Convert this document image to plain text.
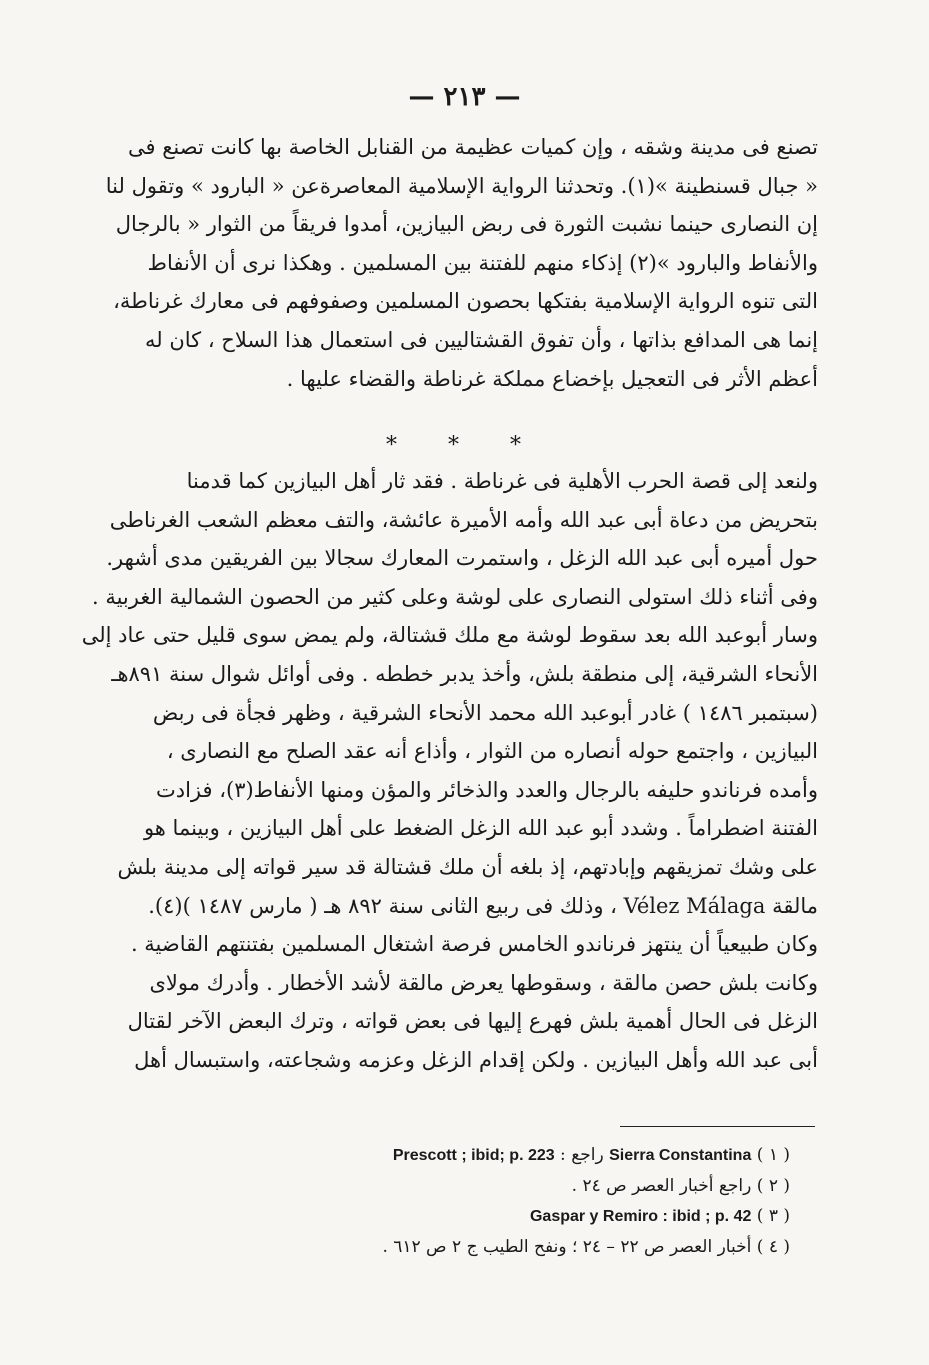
— ٢١٣ —
تصنع فى مدينة وشقه ، وإن كميات عظيمة من القنابل الخاصة بها كانت تصنع فى
« جبال قسنطينة »(١). وتحدثنا الرواية الإسلامية المعاصرةعن « البارود » وتقول لنا
إن النصارى حينما نشبت الثورة فى ربض البيازين، أمدوا فريقاً من الثوار « بالرجال
والأنفاط والبارود »(٢) إذكاء منهم للفتنة بين المسلمين . وهكذا نرى أن الأنفاط
التى تنوه الرواية الإسلامية بفتكها بحصون المسلمين وصفوفهم فى معارك غرناطة،
إنما هى المدافع بذاتها ، وأن تفوق القشتاليين فى استعمال هذا السلاح ، كان له
أعظم الأثر فى التعجيل بإخضاع مملكة غرناطة والقضاء عليها .
* * *
ولنعد إلى قصة الحرب الأهلية فى غرناطة . فقد ثار أهل البيازين كما قدمنا
بتحريض من دعاة أبى عبد الله وأمه الأميرة عائشة، والتف معظم الشعب الغرناطى
حول أميره أبى عبد الله الزغل ، واستمرت المعارك سجالا بين الفريقين مدى أشهر.
وفى أثناء ذلك استولى النصارى على لوشة وعلى كثير من الحصون الشمالية الغربية .
وسار أبوعبد الله بعد سقوط لوشة مع ملك قشتالة، ولم يمض سوى قليل حتى عاد إلى
الأنحاء الشرقية، إلى منطقة بلش، وأخذ يدبر خططه . وفى أوائل شوال سنة ٨٩١هـ
(سبتمبر ١٤٨٦ ) غادر أبوعبد الله محمد الأنحاء الشرقية ، وظهر فجأة فى ربض
البيازين ، واجتمع حوله أنصاره من الثوار ، وأذاع أنه عقد الصلح مع النصارى ،
وأمده فرناندو حليفه بالرجال والعدد والذخائر والمؤن ومنها الأنفاط(٣)، فزادت
الفتنة اضطراماً . وشدد أبو عبد الله الزغل الضغط على أهل البيازين ، وبينما هو
على وشك تمزيقهم وإبادتهم، إذ بلغه أن ملك قشتالة قد سير قواته إلى مدينة بلش
مالقة Vélez Málaga ، وذلك فى ربيع الثانى سنة ٨٩٢ هـ ( مارس ١٤٨٧ )(٤).
وكان طبيعياً أن ينتهز فرناندو الخامس فرصة اشتغال المسلمين بفتنتهم القاضية .
وكانت بلش حصن مالقة ، وسقوطها يعرض مالقة لأشد الأخطار . وأدرك مولاى
الزغل فى الحال أهمية بلش فهرع إليها فى بعض قواته ، وترك البعض الآخر لقتال
أبى عبد الله وأهل البيازين . ولكن إقدام الزغل وعزمه وشجاعته، واستبسال أهل
( ١ ) Sierra Constantina راجع : Prescott ; ibid; p. 223
( ٢ ) راجع أخبار العصر ص ٢٤ .
( ٣ ) Gaspar y Remiro : ibid ; p. 42
( ٤ ) أخبار العصر ص ٢٢ – ٢٤ ؛ ونفح الطيب ج ٢ ص ٦١٢ .
